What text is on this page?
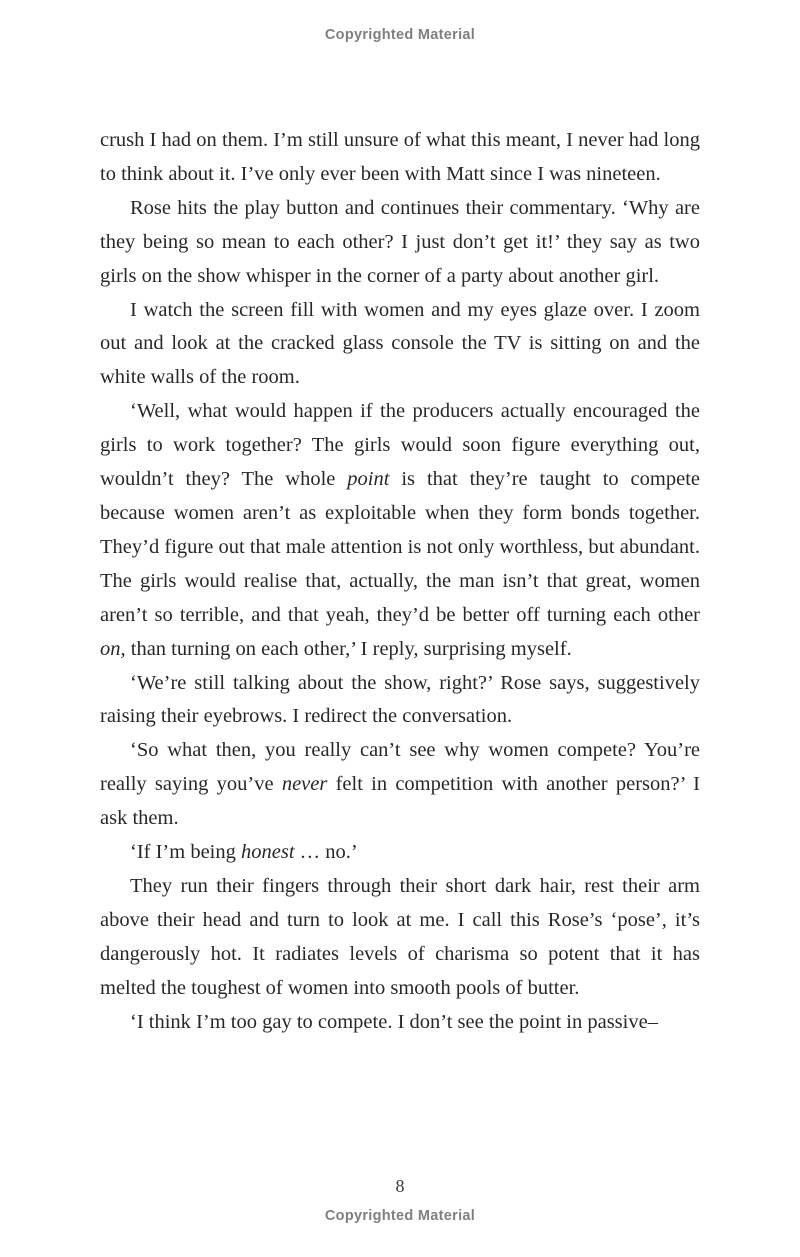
Copyrighted Material

crush I had on them. I’m still unsure of what this meant, I never had long to think about it. I’ve only ever been with Matt since I was nineteen.

Rose hits the play button and continues their commentary. ‘Why are they being so mean to each other? I just don’t get it!’ they say as two girls on the show whisper in the corner of a party about another girl.

I watch the screen fill with women and my eyes glaze over. I zoom out and look at the cracked glass console the TV is sitting on and the white walls of the room.

‘Well, what would happen if the producers actually encouraged the girls to work together? The girls would soon figure everything out, wouldn’t they? The whole point is that they’re taught to compete because women aren’t as exploitable when they form bonds together. They’d figure out that male attention is not only worthless, but abundant. The girls would realise that, actually, the man isn’t that great, women aren’t so terrible, and that yeah, they’d be better off turning each other on, than turning on each other,’ I reply, surprising myself.

‘We’re still talking about the show, right?’ Rose says, suggestively raising their eyebrows. I redirect the conversation.

‘So what then, you really can’t see why women compete? You’re really saying you’ve never felt in competition with another person?’ I ask them.

‘If I’m being honest … no.’

They run their fingers through their short dark hair, rest their arm above their head and turn to look at me. I call this Rose’s ‘pose’, it’s dangerously hot. It radiates levels of charisma so potent that it has melted the toughest of women into smooth pools of butter.

‘I think I’m too gay to compete. I don’t see the point in passive–

8
Copyrighted Material
